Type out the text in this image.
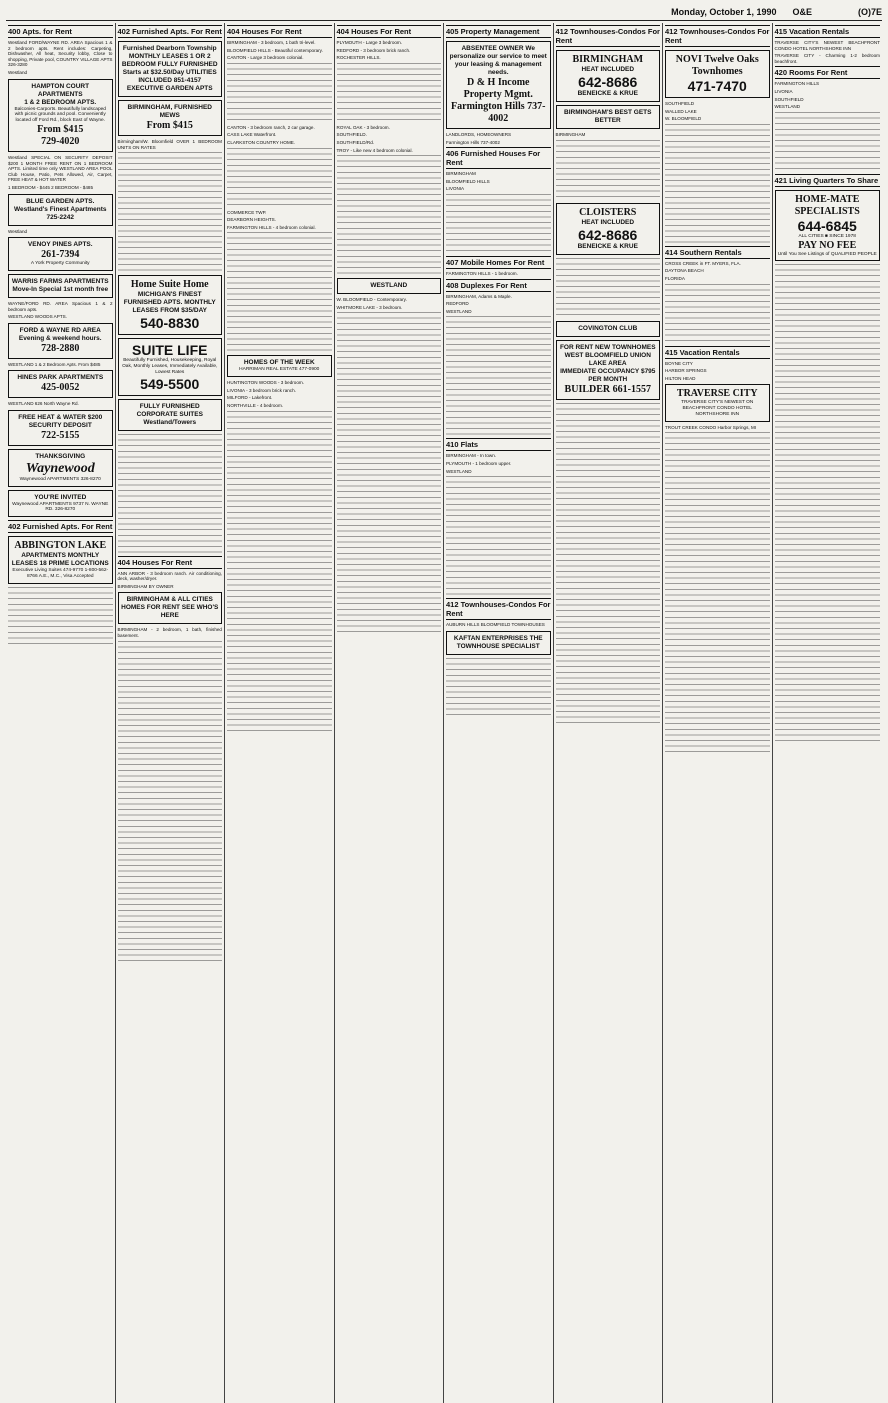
Monday, October 1, 1990 O&E	(O)7E
400 Apts. for Rent
Westland FORD/WAYNE RD. AREA Spacious 1 & 2 bedroom apts. Rent includes: Carpeting, Dishwasher, All heat, Security lobby, Close to shopping, Private pool, COUNTRY VILLAGE APTS 326-3280
Westland
HAMPTON COURT APARTMENTS
1 & 2 BEDROOM APTS.
Balconies-Carports. Beautifully landscaped with picnic grounds and pool. Conveniently located off Ford Rd., block East of Wayne.
From $415
729-4020
Westland SPECIAL ON SECURITY DEPOSIT $200 1 MONTH FREE RENT ON 1 BEDROOM APTS. Limited time only WESTLAND AREA POOL Club House, Patio, Pets Allowed, Air, Carpet, FREE HEAT & HOT WATER
1 BEDROOM - $445 2 BEDROOM - $485
BLUE GARDEN APTS. Westland's Finest Apartments 725-2242
Westland
VENOY PINES APTS.
261-7394
A York Property Community
WARRIS FARMS APARTMENTS Move-In Special 1st month free
WAYNE/FORD RD. AREA Spacious 1 & 2 bedroom apts.
WESTLAND WOODS APTS.
FORD & WAYNE RD AREA Evening & weekend hours.
728-2880
WESTLAND 1 & 2 Bedroom Apts. From $485
HINES PARK APARTMENTS
425-0052
WESTLAND 626 North Wayne Rd.
FREE HEAT & WATER $200 SECURITY DEPOSIT
722-5155
THANKSGIVING
Waynewood
Waynewood APARTMENTS 326-8270
YOU'RE INVITED
Waynewood APARTMENTS 9737 N. WAYNE RD. 326-8270
402 Furnished Apts. For Rent
ABBINGTON LAKE
APARTMENTS MONTHLY LEASES 18 PRIME LOCATIONS
Executive Living Suites 474-9770 1-800-562-8766 A.E., M.C., Visa Accepted
402 Furnished Apts. For Rent
Furnished Dearborn Township MONTHLY LEASES 1 OR 2 BEDROOM FULLY FURNISHED Starts at $32.50/Day UTILITIES INCLUDED 851-4157 EXECUTIVE GARDEN APTS
BIRMINGHAM, FURNISHED MEWS
From $415
Birmingham/W. Bloomfield OVER 1 BEDROOM UNITS ON RATES
Home Suite Home
MICHIGAN'S FINEST FURNISHED APTS. MONTHLY LEASES FROM $35/DAY
540-8830
SUITE LIFE
Beautifully Furnished, Housekeeping, Royal Oak, Monthly Leases, Immediately Available, Lowest Rates
549-5500
FULLY FURNISHED CORPORATE SUITES Westland/Towers
404 Houses For Rent
ANN ARBOR - 3 bedroom ranch. Air conditioning, deck, washer/dryer.
BIRMINGHAM BY OWNER
BIRMINGHAM & ALL CITIES HOMES FOR RENT SEE WHO'S HERE
BIRMINGHAM - 2 bedroom, 1 bath, finished basement.
404 Houses For Rent
BIRMINGHAM - 3 bedroom, 1 bath tri-level.
BLOOMFIELD HILLS - Beautiful contemporary.
CANTON - Large 3 bedroom colonial.
CANTON - 3 bedroom ranch, 2 car garage.
CASS LAKE Waterfront.
CLARKSTON COUNTRY HOME.
COMMERCE TWP.
DEARBORN HEIGHTS.
FARMINGTON HILLS - 4 bedroom colonial.
HOMES OF THE WEEK
HARRIMAN REAL ESTATE 477-0900
HUNTINGTON WOODS - 3 bedroom.
LIVONIA - 3 bedroom brick ranch.
MILFORD - Lakefront.
NORTHVILLE - 4 bedroom.
404 Houses For Rent
PLYMOUTH - Large 3 bedroom.
REDFORD - 3 bedroom brick ranch.
ROCHESTER HILLS.
ROYAL OAK - 3 bedroom.
SOUTHFIELD.
SOUTHFIELD/Rd.
TROY - Like new 4 bedroom colonial.
WESTLAND
W. BLOOMFIELD - Contemporary.
WHITMORE LAKE - 3 bedroom.
405 Property Management
ABSENTEE OWNER We personalize our service to meet your leasing & management needs.
D & H Income Property Mgmt. Farmington Hills 737-4002
LANDLORDS, HOMEOWNERS
Farmington Hills 737-4002
406 Furnished Houses For Rent
BIRMINGHAM
BLOOMFIELD HILLS
LIVONIA
407 Mobile Homes For Rent
FARMINGTON HILLS - 1 bedroom.
408 Duplexes For Rent
BIRMINGHAM, Adams & Maple.
REDFORD
WESTLAND
410 Flats
BIRMINGHAM - In town.
PLYMOUTH - 1 bedroom upper.
WESTLAND
412 Townhouses-Condos For Rent
AUBURN HILLS BLOOMFIELD TOWNHOUSES
KAFTAN ENTERPRISES THE TOWNHOUSE SPECIALIST
412 Townhouses-Condos For Rent
BIRMINGHAM
HEAT INCLUDED
642-8686
BENEICKE & KRUE
BIRMINGHAM'S BEST GETS BETTER
BIRMINGHAM
CLOISTERS
HEAT INCLUDED
642-8686
BENEICKE & KRUE
COVINGTON CLUB
FOR RENT NEW TOWNHOMES WEST BLOOMFIELD UNION LAKE AREA
IMMEDIATE OCCUPANCY $795 PER MONTH
BUILDER 661-1557
412 Townhouses-Condos For Rent
NOVI Twelve Oaks Townhomes
471-7470
SOUTHFIELD
WALLED LAKE
W. BLOOMFIELD
414 Southern Rentals
CROSS CREEK in FT. MYERS, FLA.
DAYTONA BEACH
FLORIDA
415 Vacation Rentals
BOYNE CITY
HARBOR SPRINGS
HILTON HEAD
TRAVERSE CITY
TRAVERSE CITY'S NEWEST ON BEACHFRONT CONDO HOTEL NORTHSHORE INN
TROUT CREEK CONDO Harbor Springs, MI
415 Vacation Rentals
TRAVERSE CITY'S NEWEST BEACHFRONT CONDO HOTEL NORTHSHORE INN
TRAVERSE CITY - Charming 1-2 bedroom beachfront.
420 Rooms For Rent
FARMINGTON HILLS
LIVONIA
SOUTHFIELD
WESTLAND
421 Living Quarters To Share
HOME-MATE SPECIALISTS
644-6845
ALL CITIES ■ SINCE 1978
PAY NO FEE
Until You See Listings of QUALIFIED PEOPLE
